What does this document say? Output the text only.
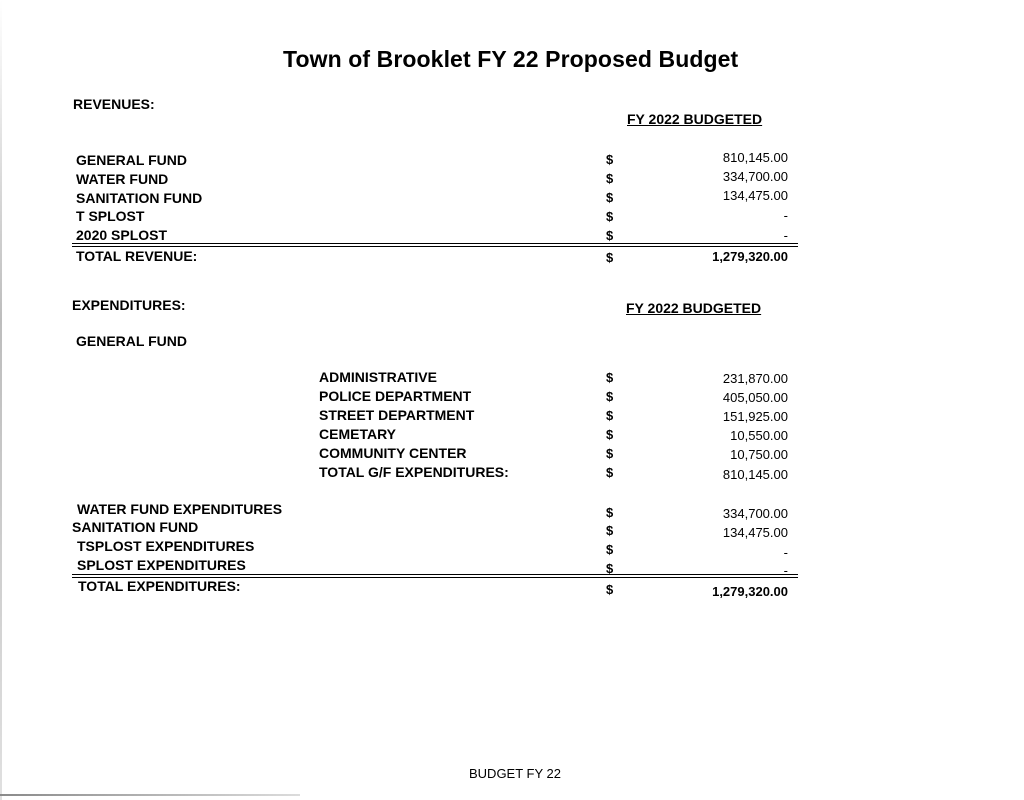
Town of Brooklet FY 22 Proposed Budget
REVENUES:
FY 2022 BUDGETED
GENERAL FUND	$	810,145.00
WATER FUND	$	334,700.00
SANITATION FUND	$	134,475.00
T SPLOST	$	-
2020 SPLOST	$	-
TOTAL REVENUE:	$	1,279,320.00
EXPENDITURES:	FY 2022 BUDGETED
GENERAL FUND
ADMINISTRATIVE	$	231,870.00
POLICE DEPARTMENT	$	405,050.00
STREET DEPARTMENT	$	151,925.00
CEMETARY	$	10,550.00
COMMUNITY CENTER	$	10,750.00
TOTAL G/F EXPENDITURES:	$	810,145.00
WATER FUND EXPENDITURES	$	334,700.00
SANITATION FUND	$	134,475.00
TSPLOST EXPENDITURES	$	-
SPLOST EXPENDITURES	$	-
TOTAL EXPENDITURES:	$	1,279,320.00
BUDGET FY 22
